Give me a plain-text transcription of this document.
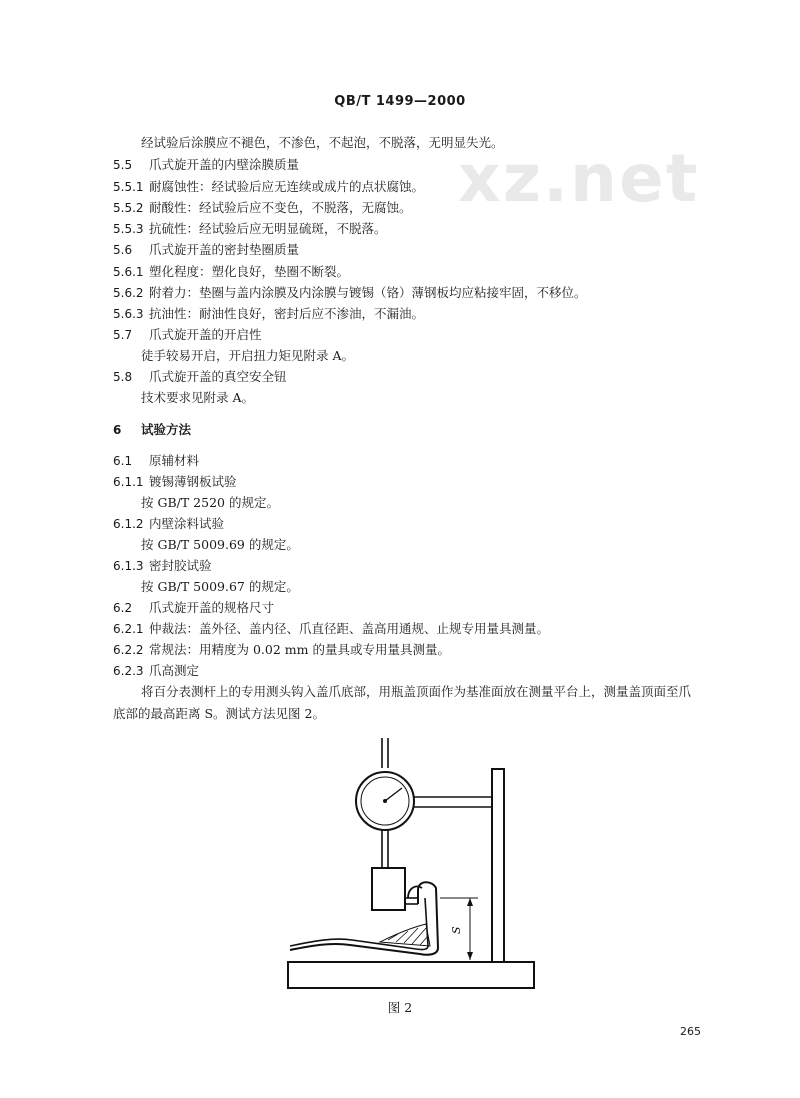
xz.net
QB/T 1499—2000
经试验后涂膜应不褪色，不渗色，不起泡，不脱落，无明显失光。
5.5 爪式旋开盖的内壁涂膜质量
5.5.1 耐腐蚀性：经试验后应无连续或成片的点状腐蚀。
5.5.2 耐酸性：经试验后应不变色，不脱落，无腐蚀。
5.5.3 抗硫性：经试验后应无明显硫斑，不脱落。
5.6 爪式旋开盖的密封垫圈质量
5.6.1 塑化程度：塑化良好，垫圈不断裂。
5.6.2 附着力：垫圈与盖内涂膜及内涂膜与镀锡（铬）薄钢板均应粘接牢固，不移位。
5.6.3 抗油性：耐油性良好，密封后应不渗油，不漏油。
5.7 爪式旋开盖的开启性
徒手较易开启，开启扭力矩见附录 A。
5.8 爪式旋开盖的真空安全钮
技术要求见附录 A。
6 试验方法
6.1 原辅材料
6.1.1 镀锡薄钢板试验
按 GB/T 2520 的规定。
6.1.2 内壁涂料试验
按 GB/T 5009.69 的规定。
6.1.3 密封胶试验
按 GB/T 5009.67 的规定。
6.2 爪式旋开盖的规格尺寸
6.2.1 仲裁法：盖外径、盖内径、爪直径距、盖高用通规、止规专用量具测量。
6.2.2 常规法：用精度为 0.02 mm 的量具或专用量具测量。
6.2.3 爪高测定
将百分表测杆上的专用测头钩入盖爪底部，用瓶盖顶面作为基准面放在测量平台上，测量盖顶面至爪底部的最高距离 S。测试方法见图 2。
S
图 2
265
